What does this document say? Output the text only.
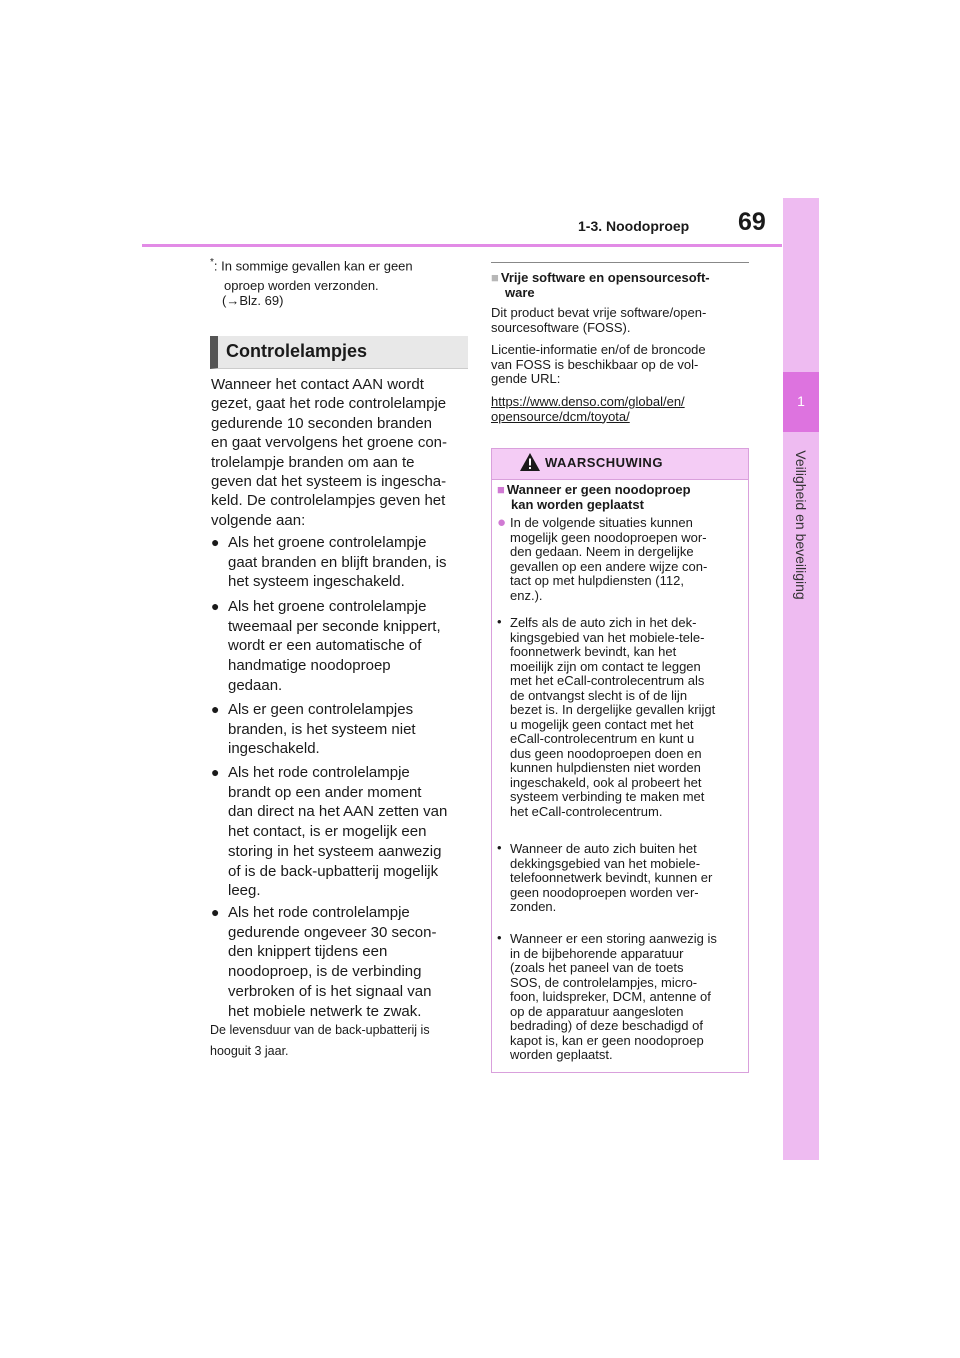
1-3. Noodoproep 69
1
Veiligheid en beveiliging
*: In sommige gevallen kan er geen
oproep worden verzonden.
(→Blz. 69)
Controlelampjes
Wanneer het contact AAN wordt
gezet, gaat het rode controlelampje
gedurende 10 seconden branden
en gaat vervolgens het groene con-
trolelampje branden om aan te
geven dat het systeem is ingescha-
keld. De controlelampjes geven het
volgende aan:
● Als het groene controlelampje
gaat branden en blijft branden, is
het systeem ingeschakeld.
● Als het groene controlelampje
tweemaal per seconde knippert,
wordt er een automatische of
handmatige noodoproep
gedaan.
● Als er geen controlelampjes
branden, is het systeem niet
ingeschakeld.
● Als het rode controlelampje
brandt op een ander moment
dan direct na het AAN zetten van
het contact, is er mogelijk een
storing in het systeem aanwezig
of is de back-upbatterij mogelijk
leeg.
● Als het rode controlelampje
gedurende ongeveer 30 secon-
den knippert tijdens een
noodoproep, is de verbinding
verbroken of is het signaal van
het mobiele netwerk te zwak.
De levensduur van de back-upbatterij is
hooguit 3 jaar.
■ Vrije software en opensourcesoft-
ware
Dit product bevat vrije software/open-
sourcesoftware (FOSS).
Licentie-informatie en/of de broncode
van FOSS is beschikbaar op de vol-
gende URL:
https://www.denso.com/global/en/
opensource/dcm/toyota/
WAARSCHUWING
■ Wanneer er geen noodoproep
kan worden geplaatst
● In de volgende situaties kunnen
mogelijk geen noodoproepen wor-
den gedaan. Neem in dergelijke
gevallen op een andere wijze con-
tact op met hulpdiensten (112,
enz.).
• Zelfs als de auto zich in het dek-
kingsgebied van het mobiele-tele-
foonnetwerk bevindt, kan het
moeilijk zijn om contact te leggen
met het eCall-controlecentrum als
de ontvangst slecht is of de lijn
bezet is. In dergelijke gevallen krijgt
u mogelijk geen contact met het
eCall-controlecentrum en kunt u
dus geen noodoproepen doen en
kunnen hulpdiensten niet worden
ingeschakeld, ook al probeert het
systeem verbinding te maken met
het eCall-controlecentrum.
• Wanneer de auto zich buiten het
dekkingsgebied van het mobiele-
telefoonnetwerk bevindt, kunnen er
geen noodoproepen worden ver-
zonden.
• Wanneer er een storing aanwezig is
in de bijbehorende apparatuur
(zoals het paneel van de toets
SOS, de controlelampjes, micro-
foon, luidspreker, DCM, antenne of
op de apparatuur aangesloten
bedrading) of deze beschadigd of
kapot is, kan er geen noodoproep
worden geplaatst.
